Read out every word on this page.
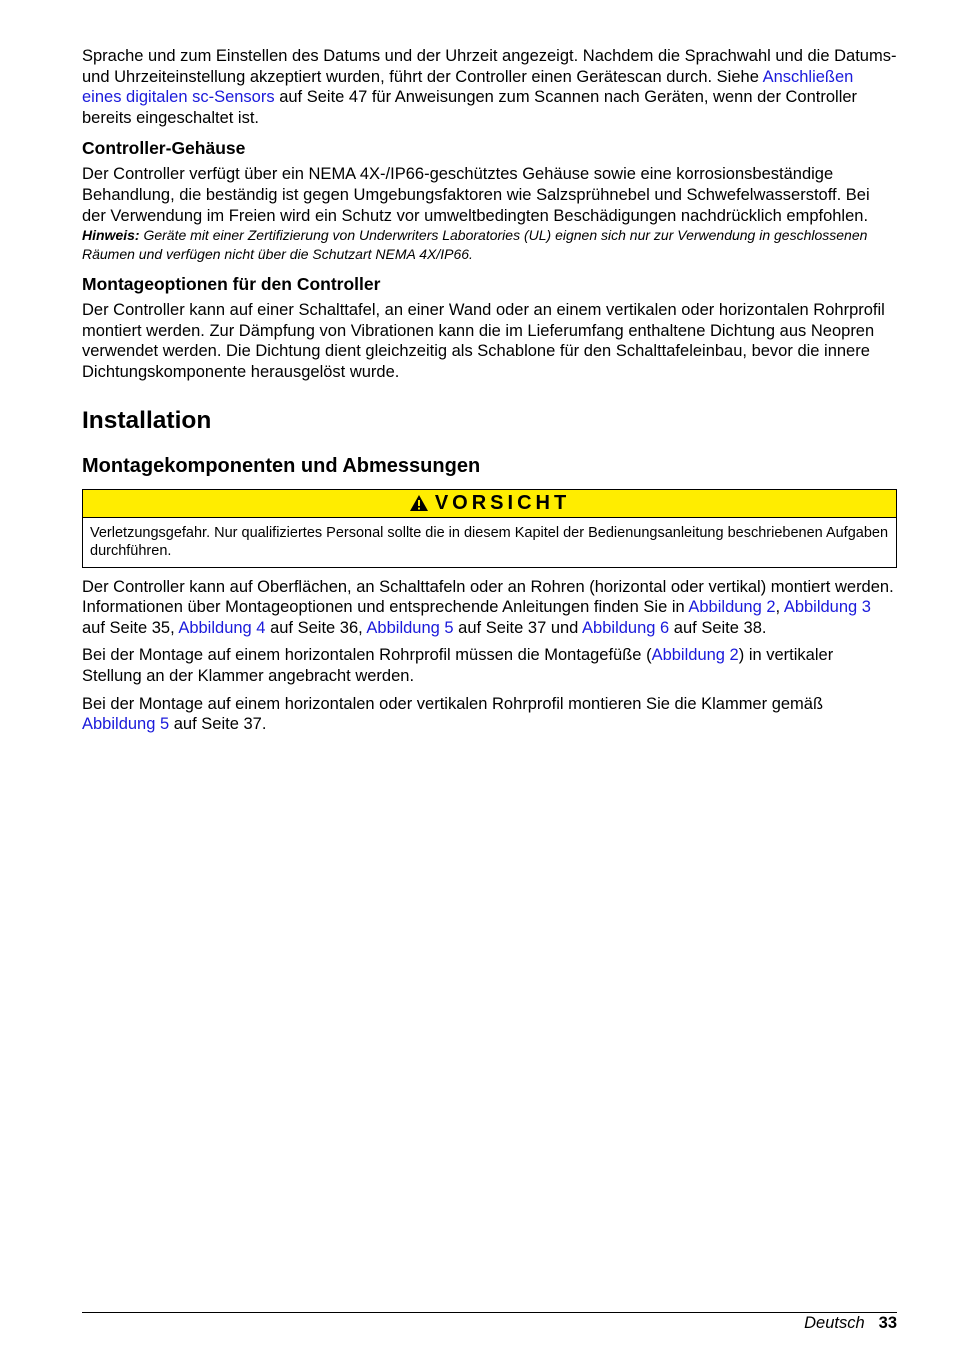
Sprache und zum Einstellen des Datums und der Uhrzeit angezeigt. Nachdem die Sprachwahl und die Datums- und Uhrzeiteinstellung akzeptiert wurden, führt der Controller einen Gerätescan durch. Siehe Anschließen eines digitalen sc-Sensors auf Seite 47 für Anweisungen zum Scannen nach Geräten, wenn der Controller bereits eingeschaltet ist.

Controller-Gehäuse

Der Controller verfügt über ein NEMA 4X-/IP66-geschütztes Gehäuse sowie eine korrosionsbeständige Behandlung, die beständig ist gegen Umgebungsfaktoren wie Salzsprühnebel und Schwefelwasserstoff. Bei der Verwendung im Freien wird ein Schutz vor umweltbedingten Beschädigungen nachdrücklich empfohlen.

Hinweis: Geräte mit einer Zertifizierung von Underwriters Laboratories (UL) eignen sich nur zur Verwendung in geschlossenen Räumen und verfügen nicht über die Schutzart NEMA 4X/IP66.

Montageoptionen für den Controller

Der Controller kann auf einer Schalttafel, an einer Wand oder an einem vertikalen oder horizontalen Rohrprofil montiert werden. Zur Dämpfung von Vibrationen kann die im Lieferumfang enthaltene Dichtung aus Neopren verwendet werden. Die Dichtung dient gleichzeitig als Schablone für den Schalttafeleinbau, bevor die innere Dichtungskomponente herausgelöst wurde.

Installation
Montagekomponenten und Abmessungen
VORSICHT
Verletzungsgefahr. Nur qualifiziertes Personal sollte die in diesem Kapitel der Bedienungsanleitung beschriebenen Aufgaben durchführen.

Der Controller kann auf Oberflächen, an Schalttafeln oder an Rohren (horizontal oder vertikal) montiert werden. Informationen über Montageoptionen und entsprechende Anleitungen finden Sie in Abbildung 2, Abbildung 3 auf Seite 35, Abbildung 4 auf Seite 36, Abbildung 5 auf Seite 37 und Abbildung 6 auf Seite 38.

Bei der Montage auf einem horizontalen Rohrprofil müssen die Montagefüße (Abbildung 2) in vertikaler Stellung an der Klammer angebracht werden.

Bei der Montage auf einem horizontalen oder vertikalen Rohrprofil montieren Sie die Klammer gemäß Abbildung 5 auf Seite 37.

Deutsch 33
